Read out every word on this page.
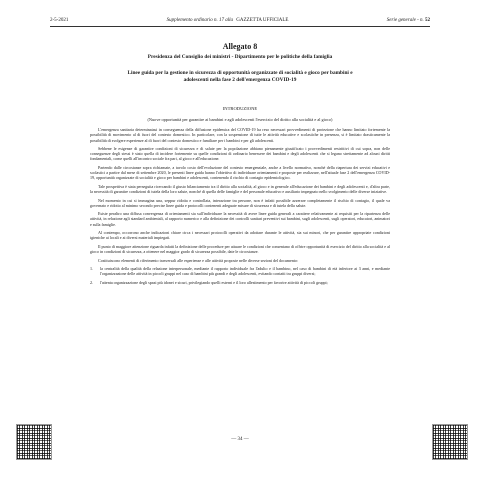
2-5-2021	Supplemento ordinario n. 17 alla GAZZETTA UFFICIALE	Serie generale - n. 52

Allegato 8

Presidenza del Consiglio dei ministri - Dipartimento per le politiche della famiglia

Linee guida per la gestione in sicurezza di opportunità organizzate di socialità e gioco per bambini e adolescenti nella fase 2 dell'emergenza COVID-19

INTRODUZIONE
(Nuove opportunità per garantire ai bambini e agli adolescenti l'esercizio del diritto alla socialità e al gioco)

L'emergenza sanitaria determinatasi in conseguenza della diffusione epidemica del COVID-19 ha reso necessari provvedimenti di protezione che hanno limitato fortemente la possibilità di movimento al di fuori del contesto domestico. In particolare, con la sospensione di tutte le attività educative e scolastiche in presenza, si è limitato drasticamente la possibilità di svolgere esperienze al di fuori del contesto domestico e familiare per i bambini e per gli adolescenti.

Sebbene le esigenze di garantire condizioni di sicurezza e di salute per la popolazione abbiano pienamente giustificato i provvedimenti restrittivi di cui sopra, non delle conseguenze degli stessi è stato quella di incidere fortemente su quelle condizioni di ordinario benessere dei bambini e degli adolescenti che si legano strettamente ad alcuni diritti fondamentali, come quelli all'incontro sociale fra pari, al gioco e all'educazione.

Partendo dalle circostanze sopra richiamate, a tavolo costo dell'evoluzione del contesto emergenziale, anche a livello normativo, nonché della riapertura dei servizi educativi e scolastici a partire dal mese di settembre 2020, le presenti linee guida hanno l'obiettivo di individuare orientamenti e proposte per realizzare, nell'attuale fase 2 dell'emergenza COVID-19, opportunità organizzate di socialità e gioco per bambini e adolescenti, contenendo il rischio di contagio epidemiologico.

Tale prospettiva è stata perseguita ricercando il giusto bilanciamento tra il diritto alla socialità, al gioco e in generale all'educazione dei bambini e degli adolescenti e, d'altra parte, la necessità di garantire condizioni di tutela della loro salute, nonché di quella delle famiglie e del personale educativo e ausiliario impegnato nello svolgimento delle diverse iniziative.

Nel momento in cui si immagina una, seppur ridotta e controllata, interazione tra persone, non è infatti possibile azzerare completamente il rischio di contagio, il quale va governato e ridotto al minimo secondo precise linee guida e protocolli contenenti adeguate misure di sicurezza e di tutela della salute.

Esiste peraltro una diffusa convergenza di orientamenti sia sull'individuare la necessità di avere linee guida generali a carattere relativamente ai requisiti per la ripartenza delle attività, in relazione agli standard ambientali, al rapporto numerico e alla definizione dei controlli sanitari preventivi sui bambini, sugli adolescenti, sugli operatori, educatori, animatori e sulla famiglie.

Al contempo, occorrono anche indicazioni chiare circa i necessari protocolli operativi da adottare durante le attività, sia sui minori, che per garantire appropriate condizioni igieniche ai locali e ai diversi materiali impiegati.

Il punto di maggiore attenzione riguarda infatti la definizione delle procedure per attuare le condizioni che consentano di offrire opportunità di esercizio del diritto alla socialità e al gioco in condizioni di sicurezza, a ottenere nel maggior grado di sicurezza possibile, date le circostanze.

Costituiscono elementi di riferimento trasversali alle esperienze e alle attività proposte nelle diverse sezioni del documento:

1.	la centralità della qualità della relazione interpersonale, mediante il rapporto individuale fra l'adulto e il bambino, nel caso di bambini di età inferiore ai 3 anni, e mediante l'organizzazione delle attività in piccoli gruppi nel caso di bambini più grandi e degli adolescenti, evitando contatti tra gruppi diversi;
2.	l'attenta organizzazione degli spazi più idonei e sicuri, privilegiando quelli esterni e il loro allestimento per favorire attività di piccoli gruppi;
— 34 —
